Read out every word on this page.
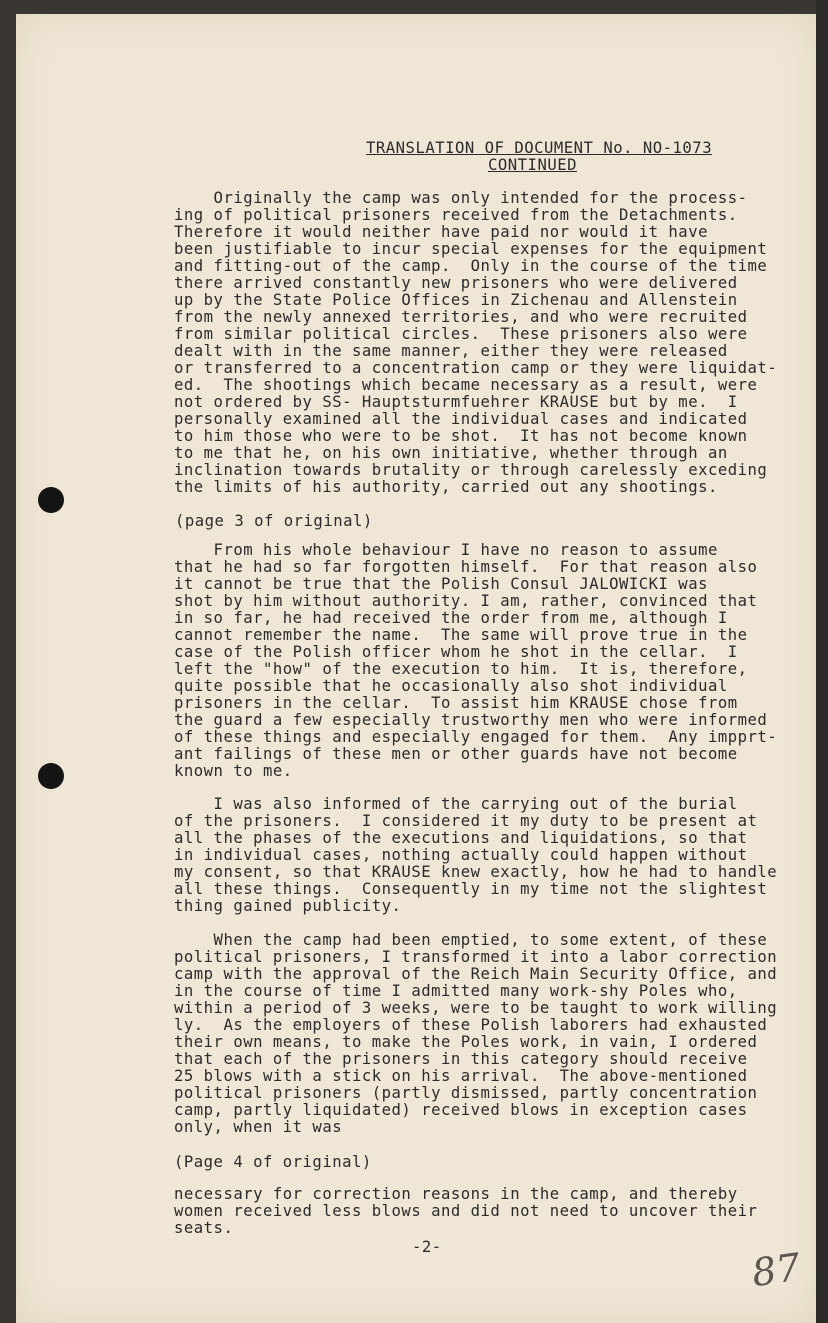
TRANSLATION OF DOCUMENT No. NO-1073
CONTINUED
Originally the camp was only intended for the process-
ing of political prisoners received from the Detachments.
Therefore it would neither have paid nor would it have
been justifiable to incur special expenses for the equipment
and fitting-out of the camp.  Only in the course of the time
there arrived constantly new prisoners who were delivered
up by the State Police Offices in Zichenau and Allenstein
from the newly annexed territories, and who were recruited
from similar political circles.  These prisoners also were
dealt with in the same manner, either they were released
or transferred to a concentration camp or they were liquidat-
ed.  The shootings which became necessary as a result, were
not ordered by SS- Hauptsturmfuehrer KRAUSE but by me.  I
personally examined all the individual cases and indicated
to him those who were to be shot.  It has not become known
to me that he, on his own initiative, whether through an
inclination towards brutality or through carelessly exceding
the limits of his authority, carried out any shootings.
(page 3 of original)
From his whole behaviour I have no reason to assume
that he had so far forgotten himself.  For that reason also
it cannot be true that the Polish Consul JALOWICKI was
shot by him without authority. I am, rather, convinced that
in so far, he had received the order from me, although I
cannot remember the name.  The same will prove true in the
case of the Polish officer whom he shot in the cellar.  I
left the "how" of the execution to him.  It is, therefore,
quite possible that he occasionally also shot individual
prisoners in the cellar.  To assist him KRAUSE chose from
the guard a few especially trustworthy men who were informed
of these things and especially engaged for them.  Any impprt-
ant failings of these men or other guards have not become
known to me.
I was also informed of the carrying out of the burial
of the prisoners.  I considered it my duty to be present at
all the phases of the executions and liquidations, so that
in individual cases, nothing actually could happen without
my consent, so that KRAUSE knew exactly, how he had to handle
all these things.  Consequently in my time not the slightest
thing gained publicity.
When the camp had been emptied, to some extent, of these
political prisoners, I transformed it into a labor correction
camp with the approval of the Reich Main Security Office, and
in the course of time I admitted many work-shy Poles who,
within a period of 3 weeks, were to be taught to work willing
ly.  As the employers of these Polish laborers had exhausted
their own means, to make the Poles work, in vain, I ordered
that each of the prisoners in this category should receive
25 blows with a stick on his arrival.  The above-mentioned
political prisoners (partly dismissed, partly concentration
camp, partly liquidated) received blows in exception cases
only, when it was
(Page 4 of original)
necessary for correction reasons in the camp, and thereby
women received less blows and did not need to uncover their
seats.
-2-	87
